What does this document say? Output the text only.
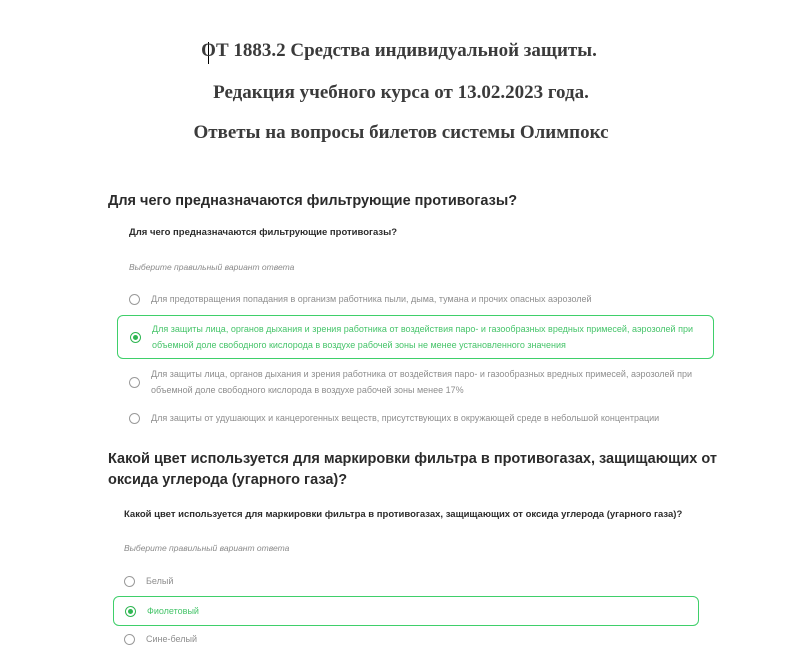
ОТ 1883.2 Средства индивидуальной защиты.
Редакция учебного курса от 13.02.2023 года.
Ответы на вопросы билетов системы Олимпокс
Для чего предназначаются фильтрующие противогазы?

Для чего предназначаются фильтрующие противогазы?

Выберите правильный вариант ответа

Для предотвращения попадания в организм работника пыли, дыма, тумана и прочих опасных аэрозолей
Для защиты лица, органов дыхания и зрения работника от воздействия паро- и газообразных вредных примесей, аэрозолей при объемной доле свободного кислорода в воздухе рабочей зоны не менее установленного значения
Для защиты лица, органов дыхания и зрения работника от воздействия паро- и газообразных вредных примесей, аэрозолей при объемной доле свободного кислорода в воздухе рабочей зоны менее 17%
Для защиты от удушающих и канцерогенных веществ, присутствующих в окружающей среде в небольшой концентрации
Какой цвет используется для маркировки фильтра в противогазах, защищающих от оксида углерода (угарного газа)?

Какой цвет используется для маркировки фильтра в противогазах, защищающих от оксида углерода (угарного газа)?

Выберите правильный вариант ответа

Белый
Фиолетовый
Сине-белый
